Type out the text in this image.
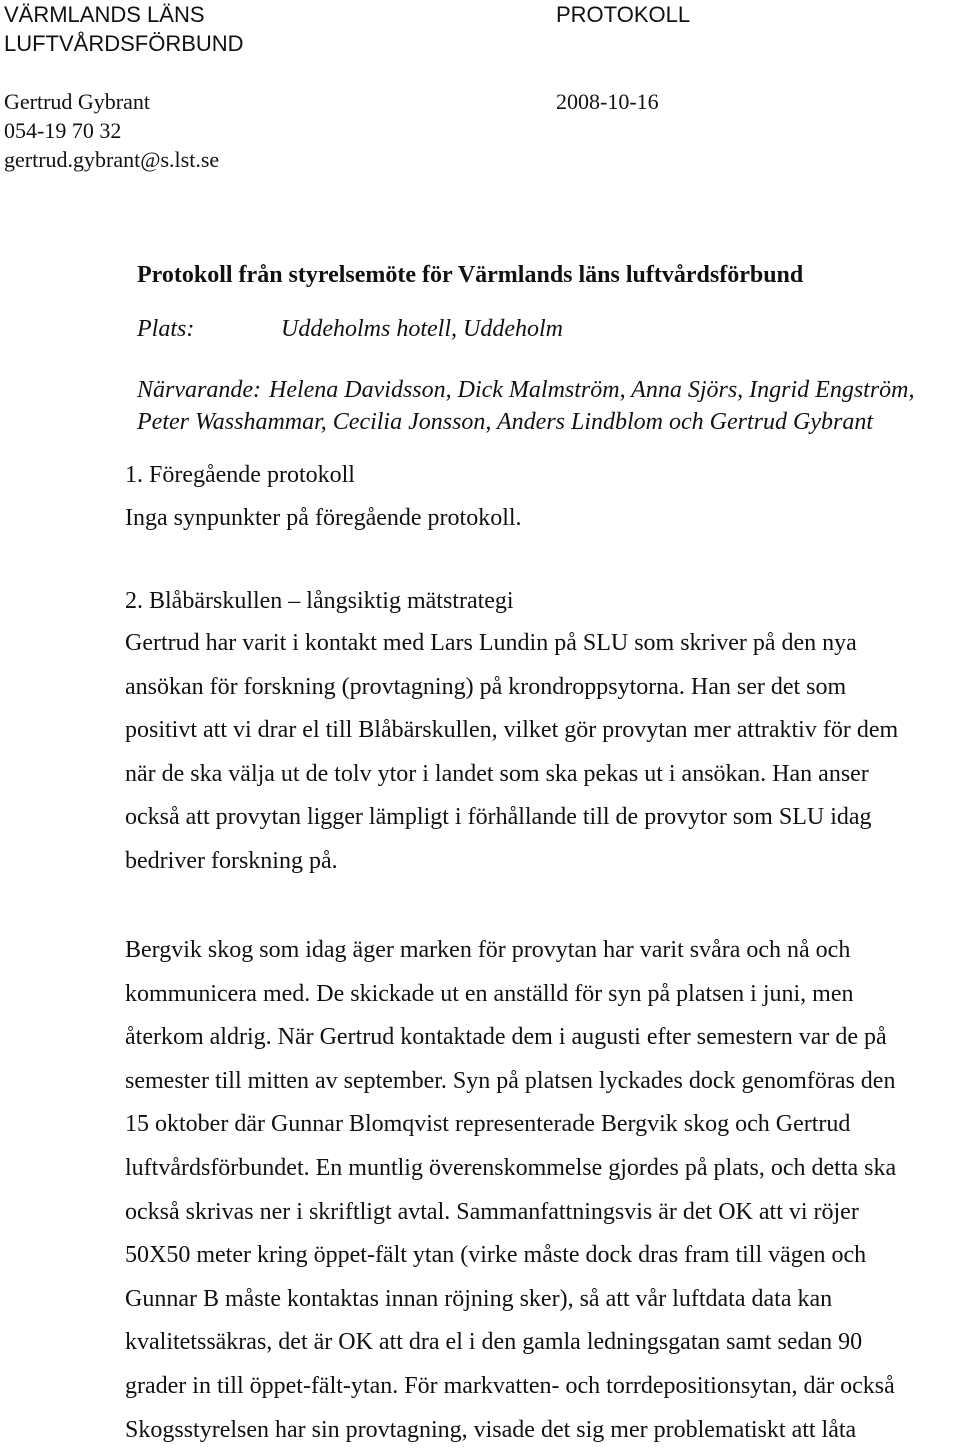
VÄRMLANDS LÄNS
LUFTVÅRDSFÖRBUND
PROTOKOLL
Gertrud Gybrant
054-19 70 32
gertrud.gybrant@s.lst.se
2008-10-16
Protokoll från styrelsemöte för Värmlands läns luftvårdsförbund
Plats:	Uddeholms hotell, Uddeholm
Närvarande: Helena Davidsson, Dick Malmström, Anna Sjörs, Ingrid Engström,
Peter Wasshammar, Cecilia Jonsson, Anders Lindblom och Gertrud Gybrant
1. Föregående protokoll
Inga synpunkter på föregående protokoll.
2. Blåbärskullen – långsiktig mätstrategi
Gertrud har varit i kontakt med Lars Lundin på SLU som skriver på den nya
ansökan för forskning (provtagning) på krondroppsytorna. Han ser det som
positivt att vi drar el till Blåbärskullen, vilket gör provytan mer attraktiv för dem
när de ska välja ut de tolv ytor i landet som ska pekas ut i ansökan. Han anser
också att provytan ligger lämpligt i förhållande till de provytor som SLU idag
bedriver forskning på.
Bergvik skog som idag äger marken för provytan har varit svåra och nå och
kommunicera med. De skickade ut en anställd för syn på platsen i juni, men
återkom aldrig. När Gertrud kontaktade dem i augusti efter semestern var de på
semester till mitten av september. Syn på platsen lyckades dock genomföras den
15 oktober där Gunnar Blomqvist representerade Bergvik skog och Gertrud
luftvårdsförbundet. En muntlig överenskommelse gjordes på plats, och detta ska
också skrivas ner i skriftligt avtal. Sammanfattningsvis är det OK att vi röjer
50X50 meter kring öppet-fält ytan (virke måste dock dras fram till vägen och
Gunnar B måste kontaktas innan röjning sker), så att vår luftdata data kan
kvalitetssäkras, det är OK att dra el i den gamla ledningsgatan samt sedan 90
grader in till öppet-fält-ytan. För markvatten- och torrdepositionsytan, där också
Skogsstyrelsen har sin provtagning, visade det sig mer problematiskt att låta
